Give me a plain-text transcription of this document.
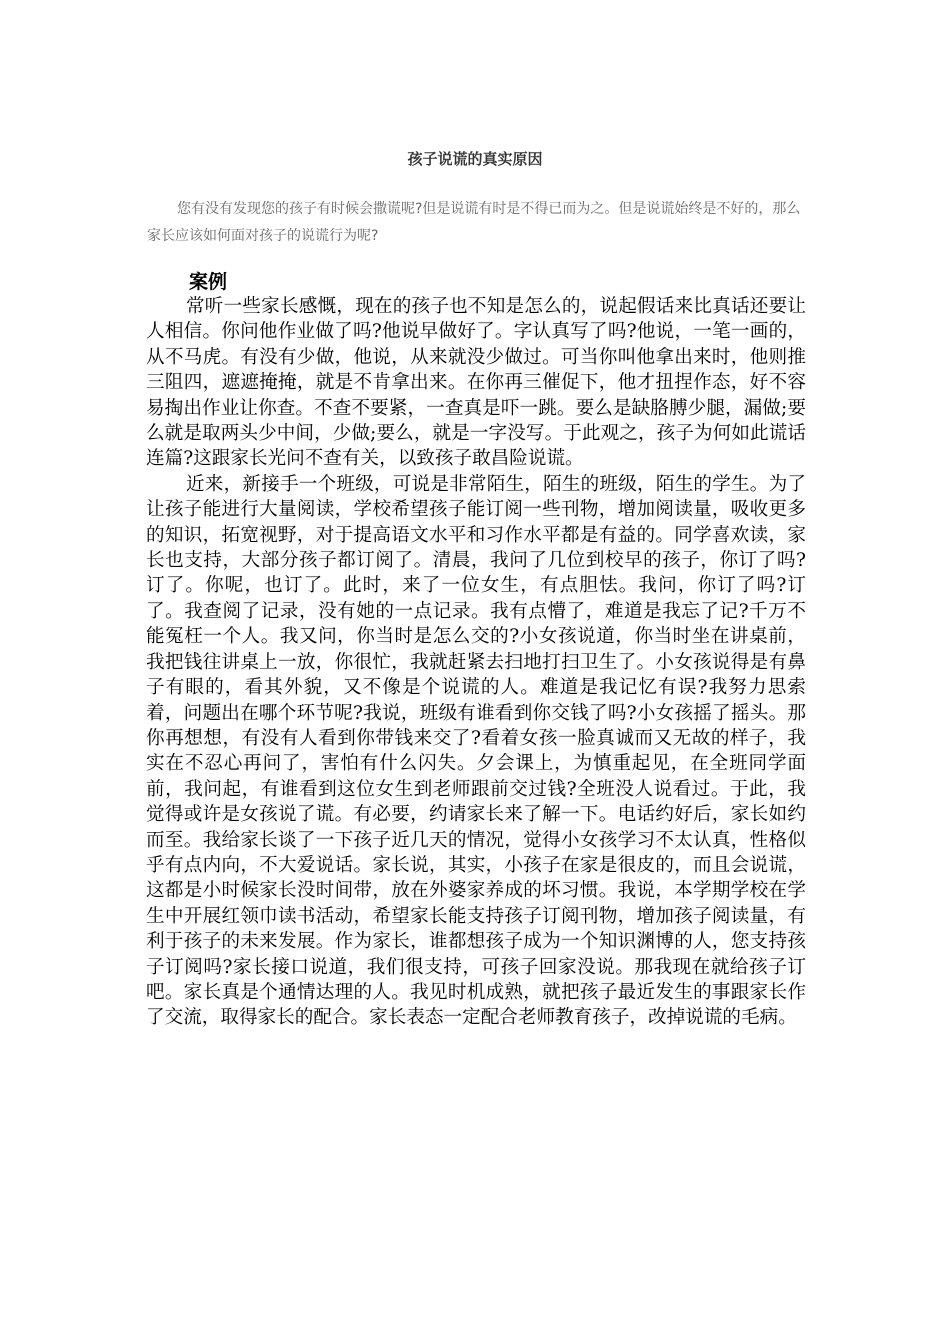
孩子说谎的真实原因

您有没有发现您的孩子有时候会撒谎呢?但是说谎有时是不得已而为之。但是说谎始终是不好的，那么家长应该如何面对孩子的说谎行为呢?

案例

常听一些家长感慨，现在的孩子也不知是怎么的，说起假话来比真话还要让人相信。你问他作业做了吗?他说早做好了。字认真写了吗?他说，一笔一画的，从不马虎。有没有少做，他说，从来就没少做过。可当你叫他拿出来时，他则推三阻四，遮遮掩掩，就是不肯拿出来。在你再三催促下，他才扭捏作态，好不容易掏出作业让你查。不查不要紧，一查真是吓一跳。要么是缺胳膊少腿，漏做;要么就是取两头少中间，少做;要么，就是一字没写。于此观之，孩子为何如此谎话连篇?这跟家长光问不查有关，以致孩子敢昌险说谎。

近来，新接手一个班级，可说是非常陌生，陌生的班级，陌生的学生。为了让孩子能进行大量阅读，学校希望孩子能订阅一些刊物，增加阅读量，吸收更多的知识，拓宽视野，对于提高语文水平和习作水平都是有益的。同学喜欢读，家长也支持，大部分孩子都订阅了。清晨，我问了几位到校早的孩子，你订了吗?订了。你呢，也订了。此时，来了一位女生，有点胆怯。我问，你订了吗?订了。我查阅了记录，没有她的一点记录。我有点懵了，难道是我忘了记?千万不能冤枉一个人。我又问，你当时是怎么交的?小女孩说道，你当时坐在讲桌前，我把钱往讲桌上一放，你很忙，我就赶紧去扫地打扫卫生了。小女孩说得是有鼻子有眼的，看其外貌，又不像是个说谎的人。难道是我记忆有误?我努力思索着，问题出在哪个环节呢?我说，班级有谁看到你交钱了吗?小女孩摇了摇头。那你再想想，有没有人看到你带钱来交了?看着女孩一脸真诚而又无故的样子，我实在不忍心再问了，害怕有什么闪失。夕会课上，为慎重起见，在全班同学面前，我问起，有谁看到这位女生到老师跟前交过钱?全班没人说看过。于此，我觉得或许是女孩说了谎。有必要，约请家长来了解一下。电话约好后，家长如约而至。我给家长谈了一下孩子近几天的情况，觉得小女孩学习不太认真，性格似乎有点内向，不大爱说话。家长说，其实，小孩子在家是很皮的，而且会说谎，这都是小时候家长没时间带，放在外婆家养成的坏习惯。我说，本学期学校在学生中开展红领巾读书活动，希望家长能支持孩子订阅刊物，增加孩子阅读量，有利于孩子的未来发展。作为家长，谁都想孩子成为一个知识渊博的人，您支持孩子订阅吗?家长接口说道，我们很支持，可孩子回家没说。那我现在就给孩子订吧。家长真是个通情达理的人。我见时机成熟，就把孩子最近发生的事跟家长作了交流，取得家长的配合。家长表态一定配合老师教育孩子，改掉说谎的毛病。
